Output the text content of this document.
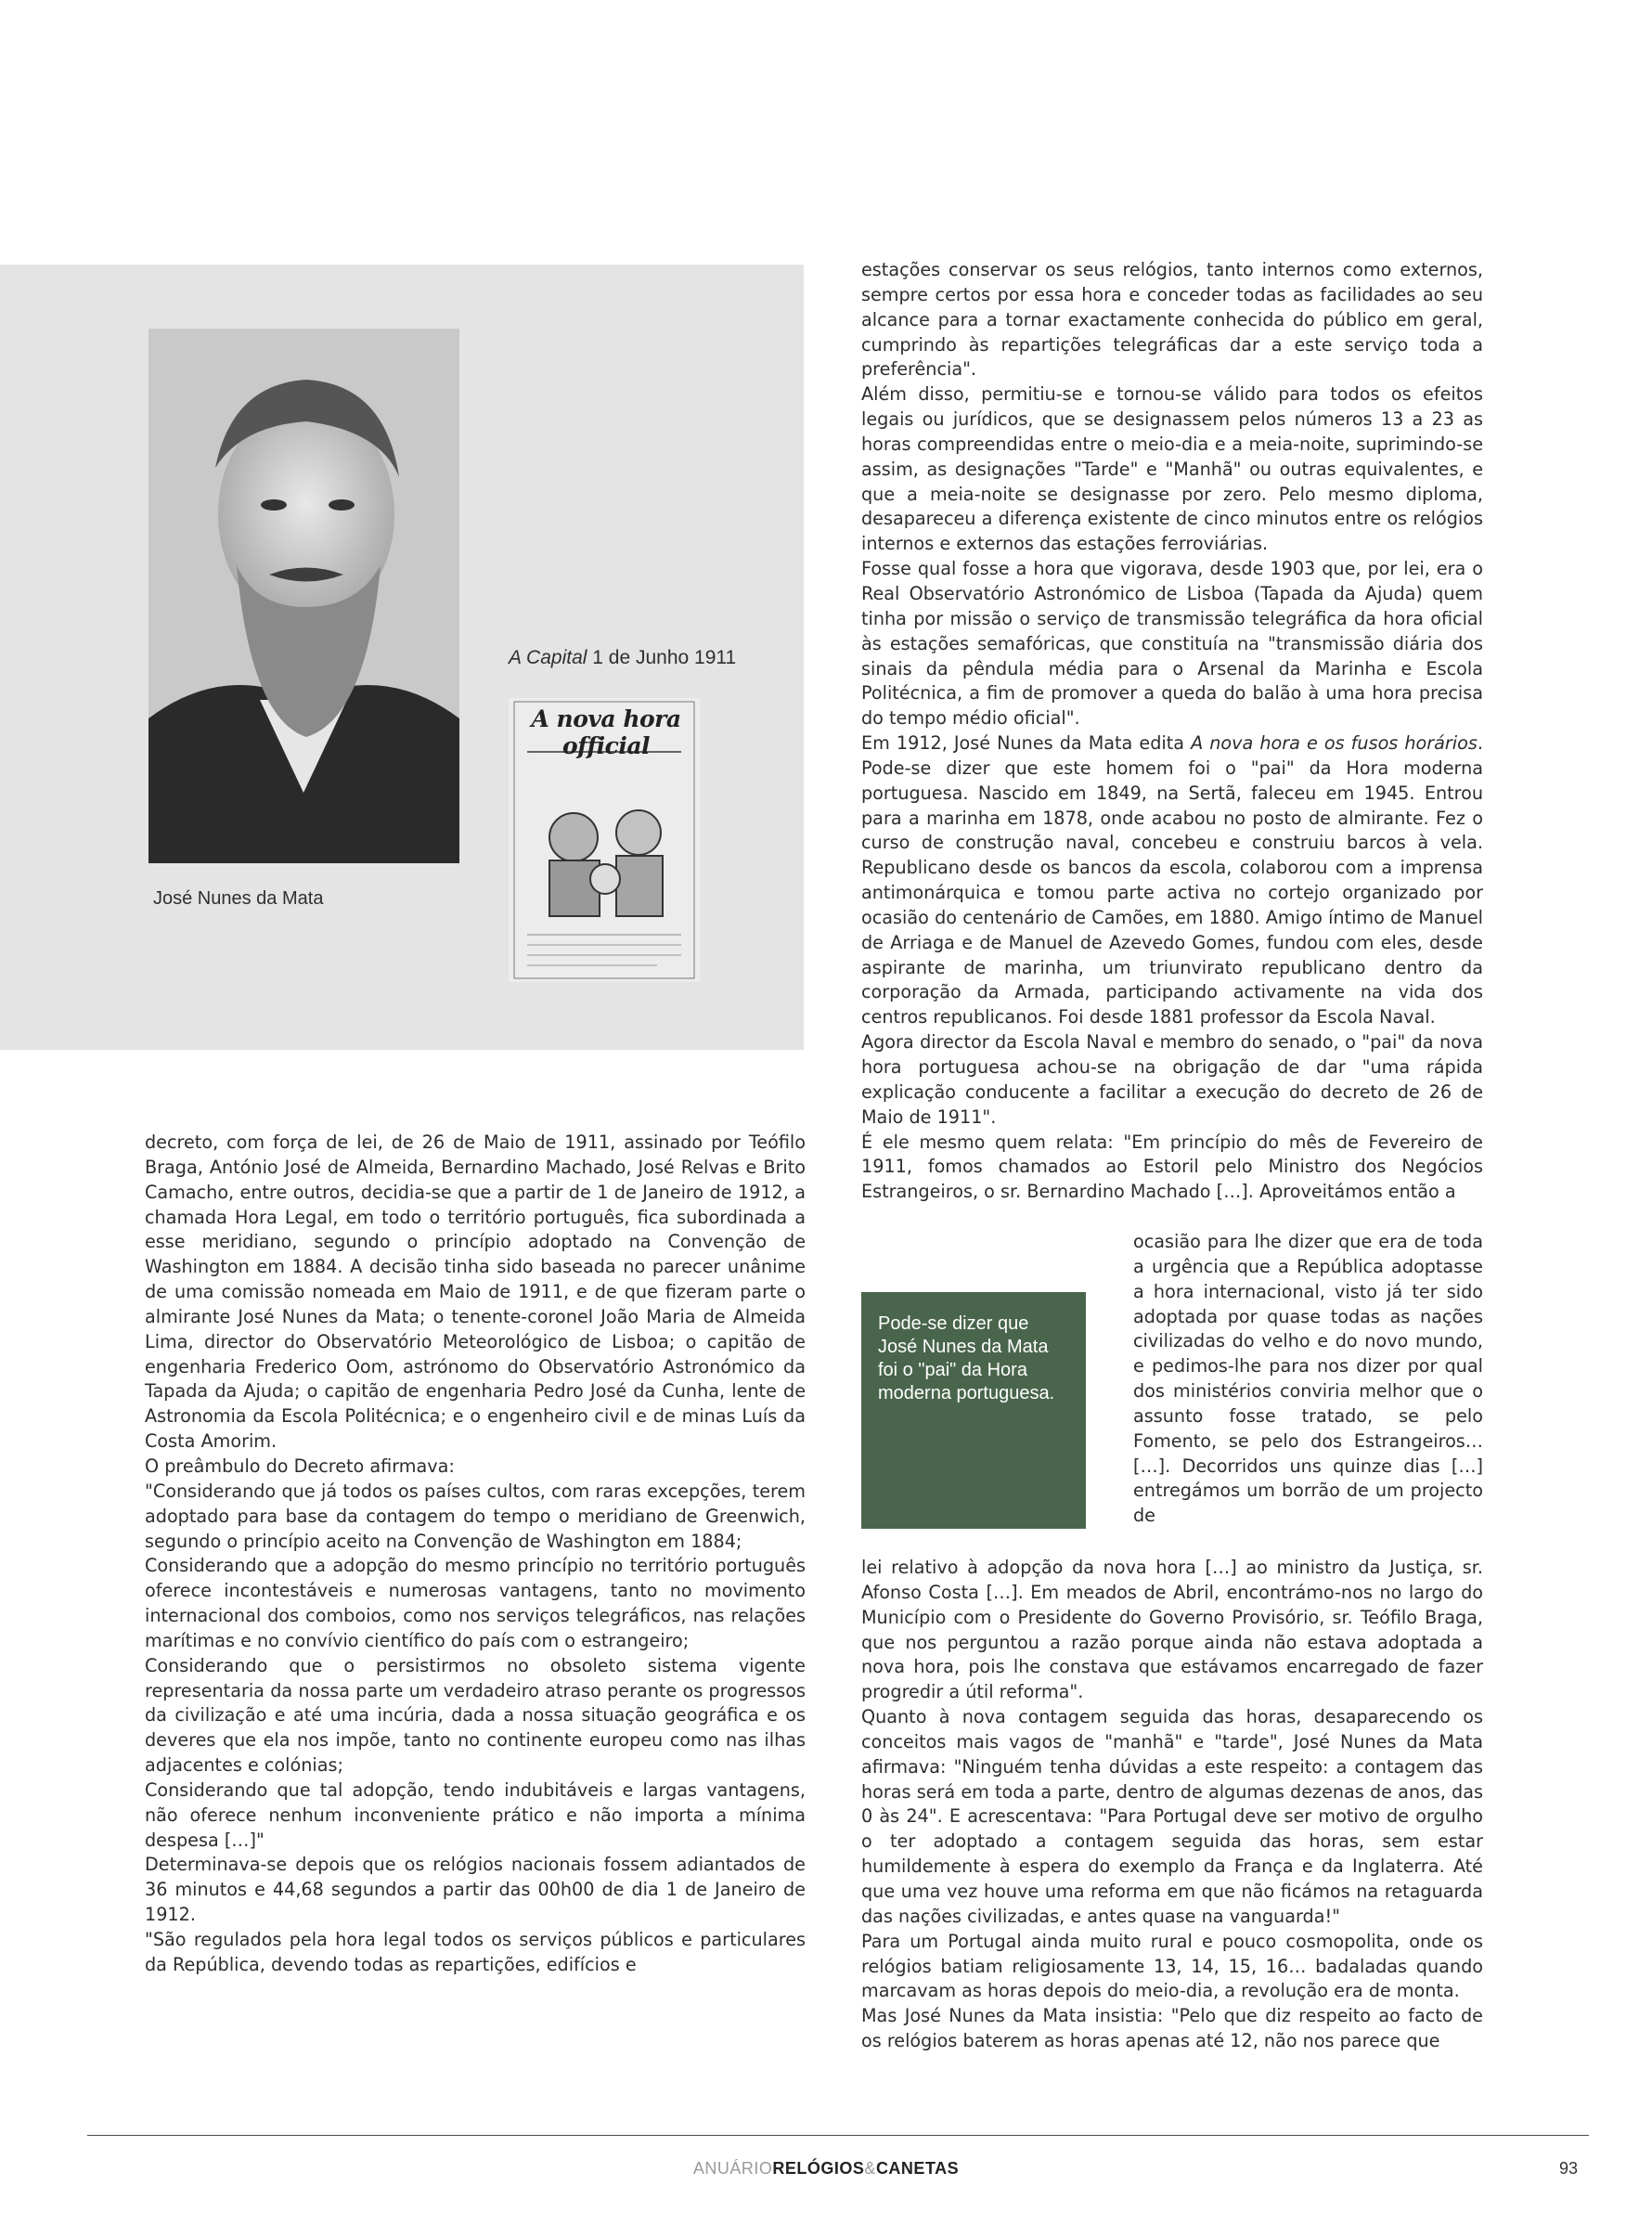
José Nunes da Mata
A Capital 1 de Junho 1911
A nova hora official

decreto, com força de lei, de 26 de Maio de 1911, assinado por Teófilo Braga, António José de Almeida, Bernardino Machado, José Relvas e Brito Camacho, entre outros, decidia-se que a partir de 1 de Janeiro de 1912, a chamada Hora Legal, em todo o território português, fica subordinada a esse meridiano, segundo o princípio adoptado na Convenção de Washington em 1884. A decisão tinha sido baseada no parecer unânime de uma comissão nomeada em Maio de 1911, e de que fizeram parte o almirante José Nunes da Mata; o tenente-coronel João Maria de Almeida Lima, director do Observatório Meteorológico de Lisboa; o capitão de engenharia Frederico Oom, astrónomo do Observatório Astronómico da Tapada da Ajuda; o capitão de engenharia Pedro José da Cunha, lente de Astronomia da Escola Politécnica; e o engenheiro civil e de minas Luís da Costa Amorim.

O preâmbulo do Decreto afirmava:

"Considerando que já todos os países cultos, com raras excepções, terem adoptado para base da contagem do tempo o meridiano de Greenwich, segundo o princípio aceito na Convenção de Washington em 1884;

Considerando que a adopção do mesmo princípio no território português oferece incontestáveis e numerosas vantagens, tanto no movimento internacional dos comboios, como nos serviços telegráficos, nas relações marítimas e no convívio científico do país com o estrangeiro;

Considerando que o persistirmos no obsoleto sistema vigente representaria da nossa parte um verdadeiro atraso perante os progressos da civilização e até uma incúria, dada a nossa situação geográfica e os deveres que ela nos impõe, tanto no continente europeu como nas ilhas adjacentes e colónias;

Considerando que tal adopção, tendo indubitáveis e largas vantagens, não oferece nenhum inconveniente prático e não importa a mínima despesa […]"

Determinava-se depois que os relógios nacionais fossem adiantados de 36 minutos e 44,68 segundos a partir das 00h00 de dia 1 de Janeiro de 1912.

"São regulados pela hora legal todos os serviços públicos e particulares da República, devendo todas as repartições, edifícios e

estações conservar os seus relógios, tanto internos como externos, sempre certos por essa hora e conceder todas as facilidades ao seu alcance para a tornar exactamente conhecida do público em geral, cumprindo às repartições telegráficas dar a este serviço toda a preferência".

Além disso, permitiu-se e tornou-se válido para todos os efeitos legais ou jurídicos, que se designassem pelos números 13 a 23 as horas compreendidas entre o meio-dia e a meia-noite, suprimindo-se assim, as designações "Tarde" e "Manhã" ou outras equivalentes, e que a meia-noite se designasse por zero. Pelo mesmo diploma, desapareceu a diferença existente de cinco minutos entre os relógios internos e externos das estações ferroviárias.

Fosse qual fosse a hora que vigorava, desde 1903 que, por lei, era o Real Observatório Astronómico de Lisboa (Tapada da Ajuda) quem tinha por missão o serviço de transmissão telegráfica da hora oficial às estações semafóricas, que constituía na "transmissão diária dos sinais da pêndula média para o Arsenal da Marinha e Escola Politécnica, a fim de promover a queda do balão à uma hora precisa do tempo médio oficial".

Em 1912, José Nunes da Mata edita A nova hora e os fusos horários. Pode-se dizer que este homem foi o "pai" da Hora moderna portuguesa. Nascido em 1849, na Sertã, faleceu em 1945. Entrou para a marinha em 1878, onde acabou no posto de almirante. Fez o curso de construção naval, concebeu e construiu barcos à vela. Republicano desde os bancos da escola, colaborou com a imprensa antimonárquica e tomou parte activa no cortejo organizado por ocasião do centenário de Camões, em 1880. Amigo íntimo de Manuel de Arriaga e de Manuel de Azevedo Gomes, fundou com eles, desde aspirante de marinha, um triunvirato republicano dentro da corporação da Armada, participando activamente na vida dos centros republicanos. Foi desde 1881 professor da Escola Naval.

Agora director da Escola Naval e membro do senado, o "pai" da nova hora portuguesa achou-se na obrigação de dar "uma rápida explicação conducente a facilitar a execução do decreto de 26 de Maio de 1911".

É ele mesmo quem relata: "Em princípio do mês de Fevereiro de 1911, fomos chamados ao Estoril pelo Ministro dos Negócios Estrangeiros, o sr. Bernardino Machado […]. Aproveitámos então a

Pode-se dizer que José Nunes da Mata foi o "pai" da Hora moderna portuguesa.

ocasião para lhe dizer que era de toda a urgência que a República adoptasse a hora internacional, visto já ter sido adoptada por quase todas as nações civilizadas do velho e do novo mundo, e pedimos-lhe para nos dizer por qual dos ministérios conviria melhor que o assunto fosse tratado, se pelo Fomento, se pelo dos Estrangeiros… […]. Decorridos uns quinze dias […] entregámos um borrão de um projecto de

lei relativo à adopção da nova hora […] ao ministro da Justiça, sr. Afonso Costa […]. Em meados de Abril, encontrámo-nos no largo do Município com o Presidente do Governo Provisório, sr. Teófilo Braga, que nos perguntou a razão porque ainda não estava adoptada a nova hora, pois lhe constava que estávamos encarregado de fazer progredir a útil reforma".

Quanto à nova contagem seguida das horas, desaparecendo os conceitos mais vagos de "manhã" e "tarde", José Nunes da Mata afirmava: "Ninguém tenha dúvidas a este respeito: a contagem das horas será em toda a parte, dentro de algumas dezenas de anos, das 0 às 24". E acrescentava: "Para Portugal deve ser motivo de orgulho o ter adoptado a contagem seguida das horas, sem estar humildemente à espera do exemplo da França e da Inglaterra. Até que uma vez houve uma reforma em que não ficámos na retaguarda das nações civilizadas, e antes quase na vanguarda!"

Para um Portugal ainda muito rural e pouco cosmopolita, onde os relógios batiam religiosamente 13, 14, 15, 16… badaladas quando marcavam as horas depois do meio-dia, a revolução era de monta.

Mas José Nunes da Mata insistia: "Pelo que diz respeito ao facto de os relógios baterem as horas apenas até 12, não nos parece que

ANUÁRIORELÓGIOS&CANETAS	93
